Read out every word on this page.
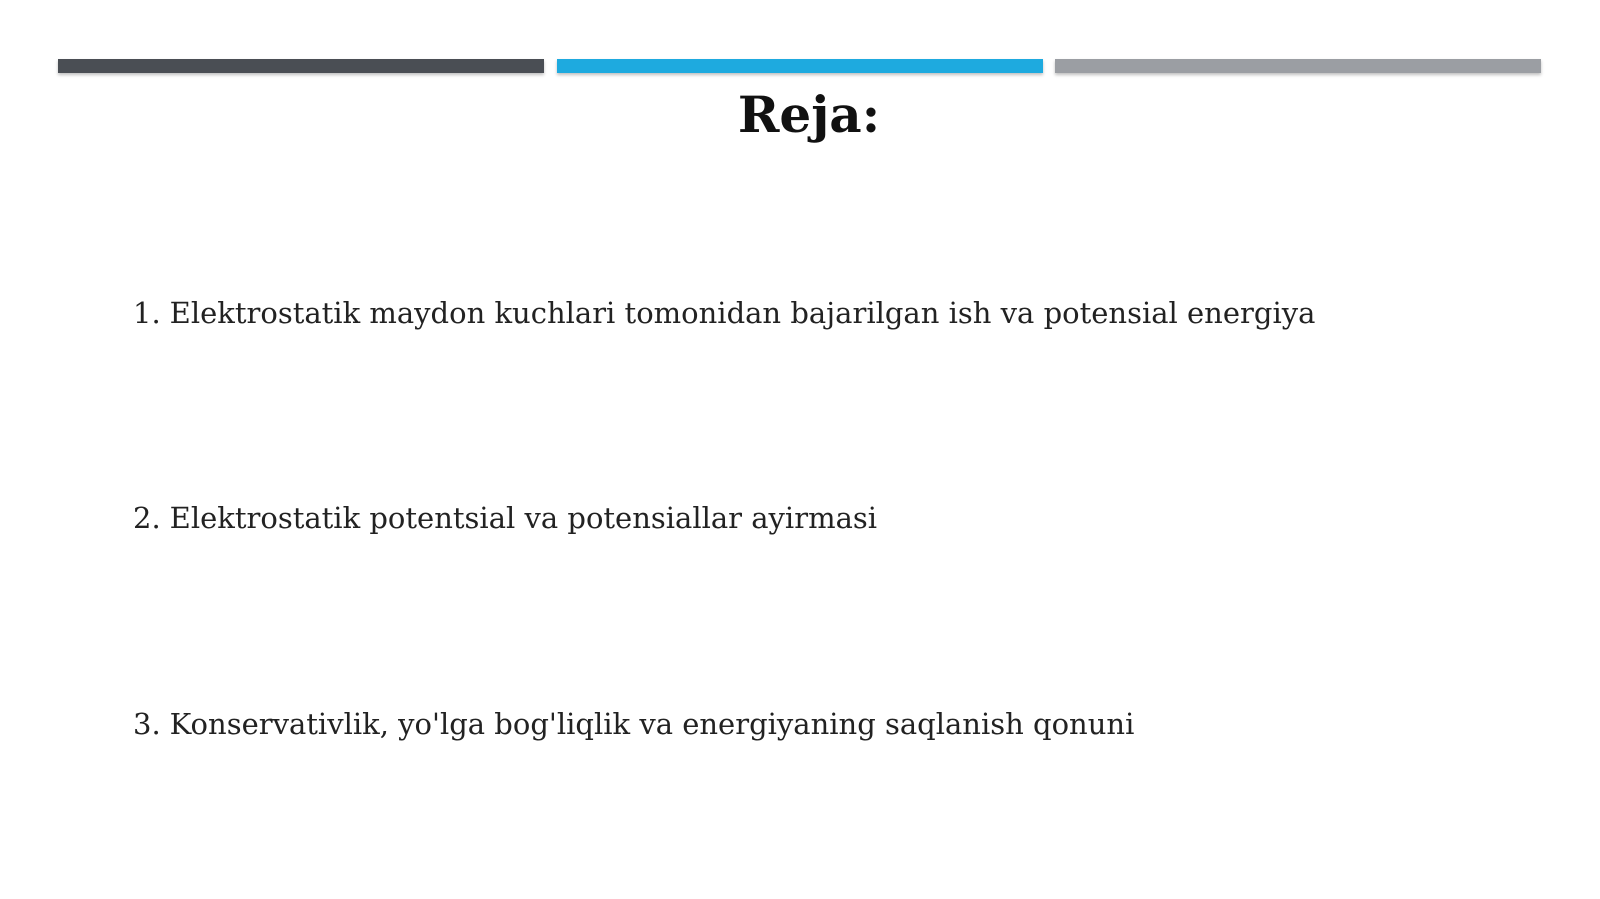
Reja:
1. Elektrostatik maydon kuchlari tomonidan bajarilgan ish va potensial energiya
2. Elektrostatik potentsial va potensiallar ayirmasi
3. Konservativlik, yo'lga bog'liqlik va energiyaning saqlanish qonuni
